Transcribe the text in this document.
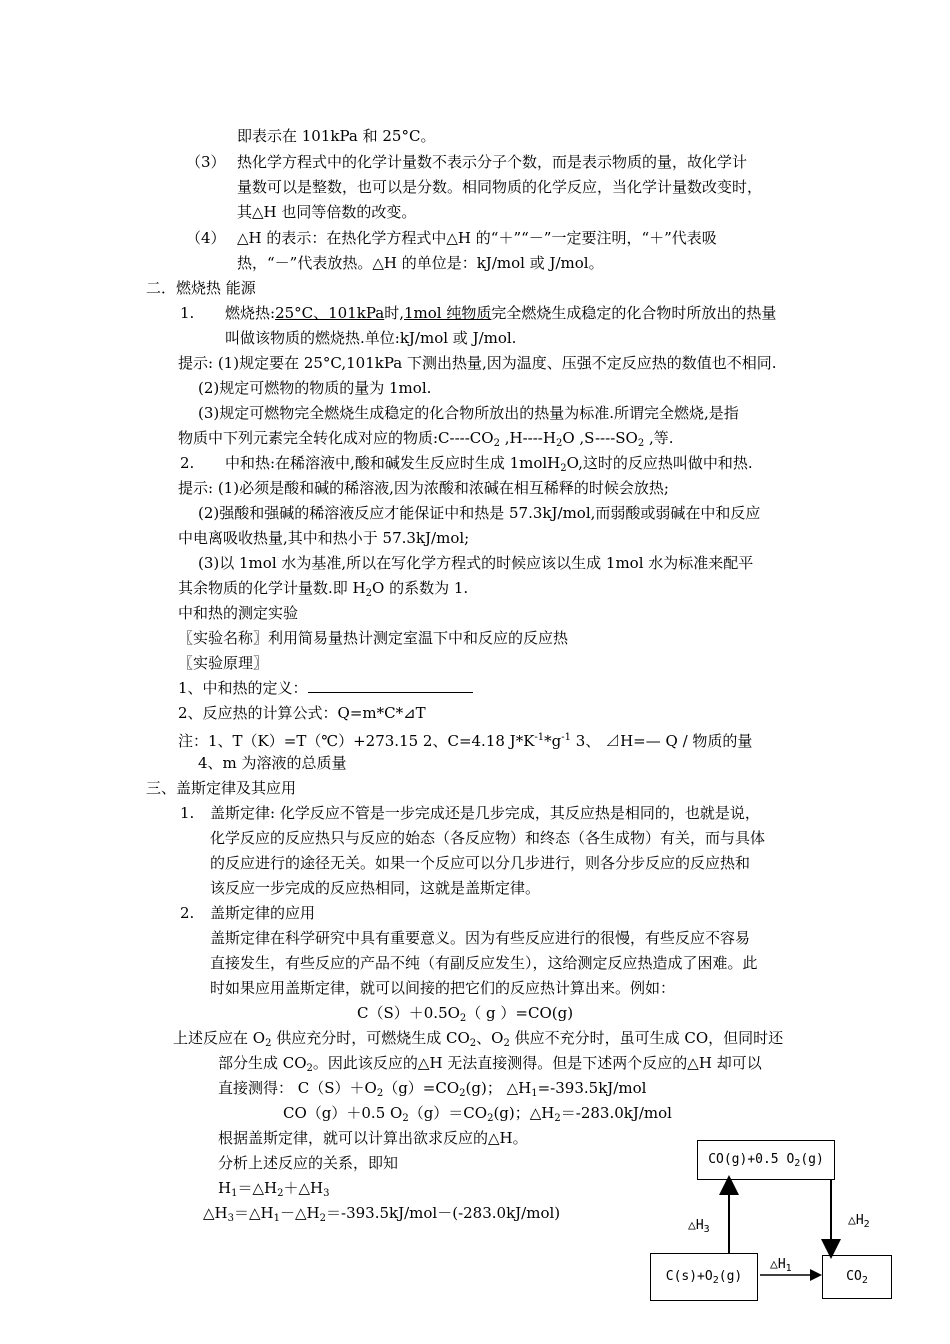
即表示在 101kPa 和 25°C。
（3） 热化学方程式中的化学计量数不表示分子个数，而是表示物质的量，故化学计
量数可以是整数，也可以是分数。相同物质的化学反应，当化学计量数改变时，
其△H 也同等倍数的改变。
（4） △H 的表示：在热化学方程式中△H 的“＋”“－”一定要注明，“＋”代表吸
热，“－”代表放热。△H 的单位是：kJ/mol 或 J/mol。
二．燃烧热 能源
1. 燃烧热:25°C、101kPa时,1mol 纯物质完全燃烧生成稳定的化合物时所放出的热量
叫做该物质的燃烧热.单位:kJ/mol 或 J/mol.
提示: (1)规定要在 25°C,101kPa 下测出热量,因为温度、压强不定反应热的数值也不相同.
(2)规定可燃物的物质的量为 1mol.
(3)规定可燃物完全燃烧生成稳定的化合物所放出的热量为标准.所谓完全燃烧,是指
物质中下列元素完全转化成对应的物质$:C----CO_2$ $,H----H_2O$ $,S----SO_2$ ,等.
2. 中和热:在稀溶液中,酸和碱发生反应时生成 1molH$_2$O,这时的反应热叫做中和热.
提示: (1)必须是酸和碱的稀溶液,因为浓酸和浓碱在相互稀释的时候会放热;
(2)强酸和强碱的稀溶液反应才能保证中和热是 57.3kJ/mol,而弱酸或弱碱在中和反应
中电离吸收热量,其中和热小于 57.3kJ/mol;
(3)以 1mol 水为基准,所以在写化学方程式的时候应该以生成 1mol 水为标准来配平
其余物质的化学计量数.即 $H_2O$ 的系数为 1.
中和热的测定实验
〖实验名称〗利用简易量热计测定室温下中和反应的反应热
〖实验原理〗
1、中和热的定义：
2、反应热的计算公式：Q=m*C*⊿T
注：1、T（K）=T（℃）+273.15 2、C=4.18 $J*K^{-1}*g^{-1}$ 3、 ⊿H=— Q / 物质的量
4、m 为溶液的总质量
三、盖斯定律及其应用
1. 盖斯定律: 化学反应不管是一步完成还是几步完成，其反应热是相同的，也就是说，
化学反应的反应热只与反应的始态（各反应物）和终态（各生成物）有关，而与具体
的反应进行的途径无关。如果一个反应可以分几步进行，则各分步反应的反应热和
该反应一步完成的反应热相同，这就是盖斯定律。
2. 盖斯定律的应用
盖斯定律在科学研究中具有重要意义。因为有些反应进行的很慢，有些反应不容易
直接发生，有些反应的产品不纯（有副反应发生），这给测定反应热造成了困难。此
时如果应用盖斯定律，就可以间接的把它们的反应热计算出来。例如：
$C(S)+0.5O_2$（ g ）=CO(g)
上述反应在 $O_2$ 供应充分时，可燃烧生成 $CO_2$、$O_2$ 供应不充分时，虽可生成 CO，但同时还
部分生成 $CO_2$。因此该反应的△H 无法直接测得。但是下述两个反应的△H 却可以
直接测得： $C(S)+O_2(g)=CO_2(g)$； $\triangle H_1=-393.5kJ$/mol
CO（g）＋0.5 $O_2(g)=CO_2(g)$；$\triangle H_2=-283.0kJ$/mol
根据盖斯定律，就可以计算出欲求反应的△H。
分析上述反应的关系，即知
$H_1=\triangle H_2+\triangle H_3$
$\triangle H_3=\triangle H_1-\triangle H_2=-393.5kJ/mol-(-283.0kJ/mol)$
CO(g)+0.5 $O_2(g)$
$C(s)+O_2(g)$	$CO_2$
$\triangle H_3$
$\triangle H_2$
$\triangle H_1$
